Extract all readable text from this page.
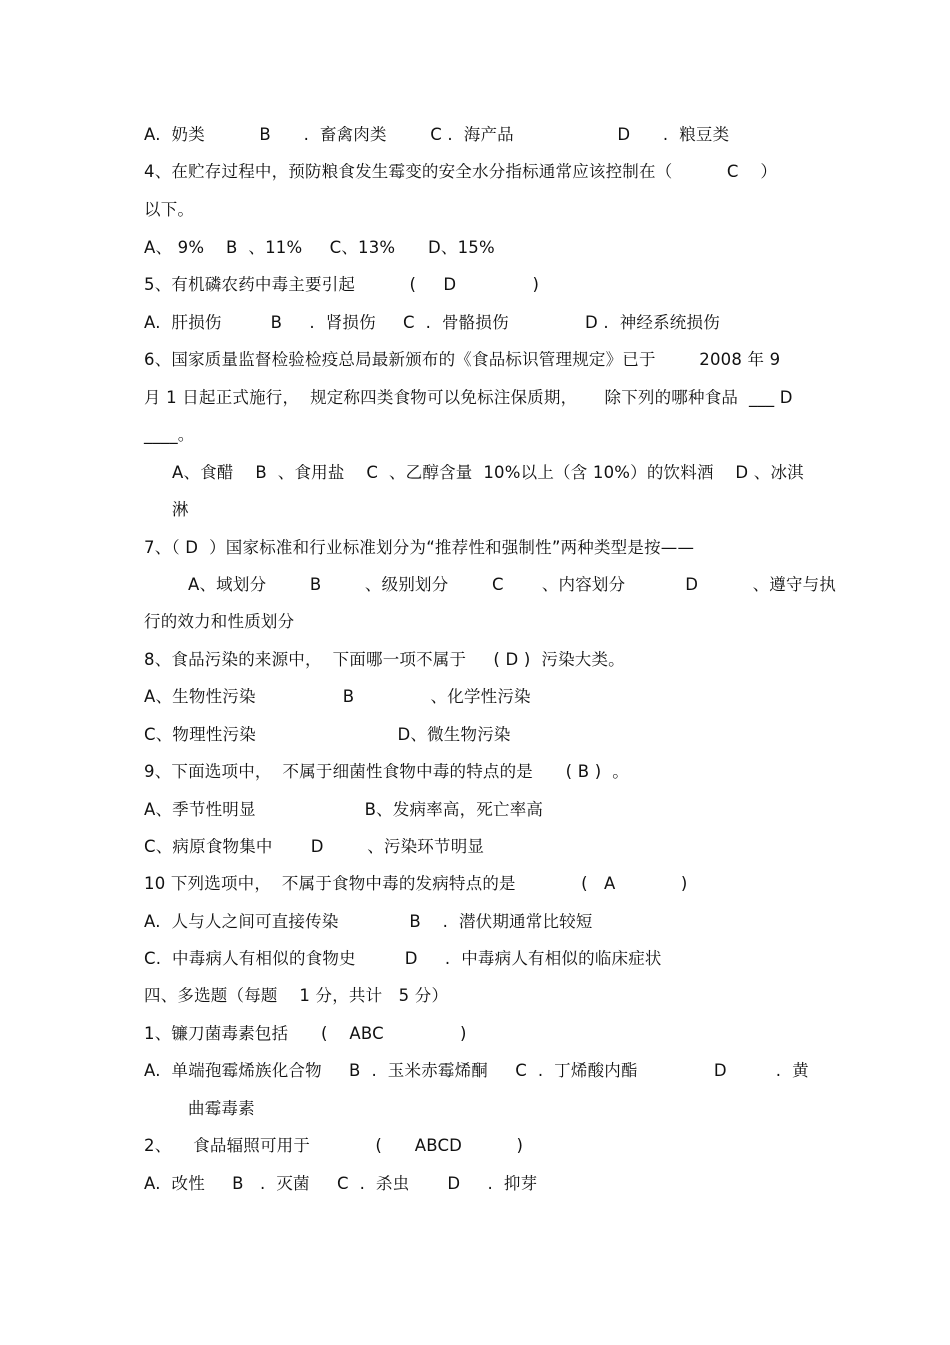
A.  奶类          B      .  畜禽肉类        C .  海产品                   D      .  粮豆类
4、在贮存过程中，预防粮食发生霉变的安全水分指标通常应该控制在（          C    ）
以下。
A、 9%    B  、11%     C、13%      D、15%
5、有机磷农药中毒主要引起          (     D              )
A.  肝损伤         B     .  肾损伤     C  .  骨骼损伤              D .  神经系统损伤
6、国家质量监督检验检疫总局最新颁布的《食品标识管理规定》已于        2008 年 9
月 1 日起正式施行，  规定称四类食物可以免标注保质期，     除下列的哪种食品  ___ D
____。
A、食醋    B  、食用盐    C  、乙醇含量  10%以上（含 10%）的饮料酒    D 、冰淇
淋
7、（ D  ）国家标准和行业标准划分为“推荐性和强制性”两种类型是按——
A、域划分        B        、级别划分        C       、内容划分           D          、遵守与执
行的效力和性质划分
8、食品污染的来源中，  下面哪一项不属于     ( D )  污染大类。
A、生物性污染                B              、化学性污染
C、物理性污染                          D、微生物污染
9、下面选项中，  不属于细菌性食物中毒的特点的是      ( B )  。
A、季节性明显                    B、发病率高，死亡率高
C、病原食物集中       D        、污染环节明显
10 下列选项中，  不属于食物中毒的发病特点的是            (   A            )
A.  人与人之间可直接传染             B    .  潜伏期通常比较短
C.  中毒病人有相似的食物史         D     .  中毒病人有相似的临床症状
四、多选题（每题    1 分，共计   5 分）
1、镰刀菌毒素包括      (    ABC              )
A.  单端孢霉烯族化合物     B  .  玉米赤霉烯酮     C  .  丁烯酸内酯              D         .  黄
曲霉毒素
2、    食品辐照可用于            (      ABCD          )
A.  改性     B   .  灭菌     C  .  杀虫       D     .  抑芽
